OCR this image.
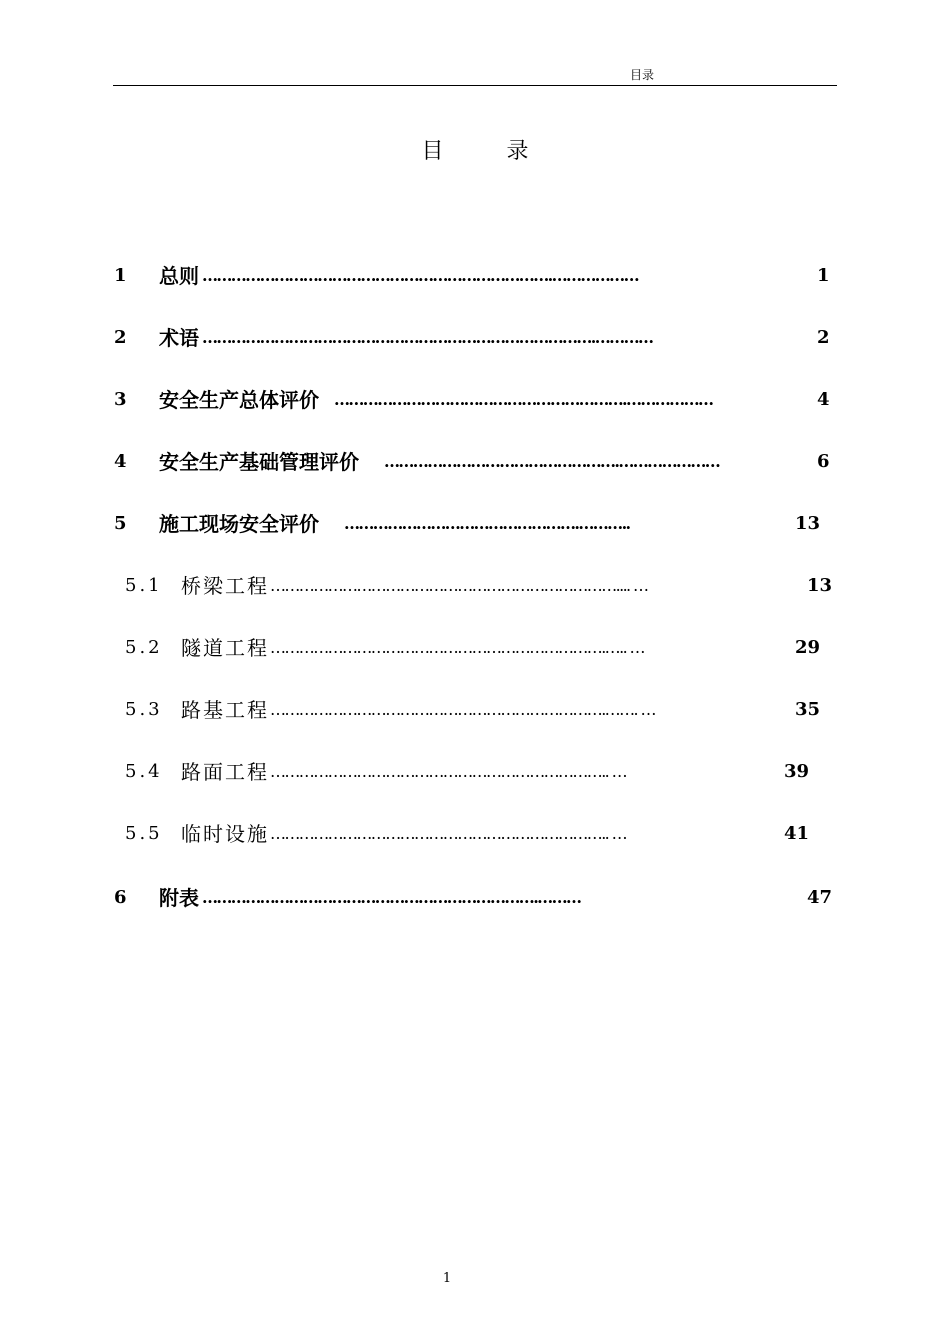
目录
目 录
1 总则 ……………………………………………………………….………………	1
2 术语 ……………………………………………………………………….…………	2
3 安全生产总体评价 …………………………………………………….………………	4
4 安全生产基础管理评价 ………………………………………….…………………	6
5 施工现场安全评价 ………………………………………….………..	13
5.1 桥梁工程 ……………………………………………………………….... …	13
5.2 隧道工程 …………………………………………………………….….. …	29
5.3 路基工程 …………………………………………………………….……. …	35
5.4 路面工程 …………………………………………………………….. …	39
5.5 临时设施 …………………………………………………………….. …	41
6 附表 …………………………………………………………….………	47
1
